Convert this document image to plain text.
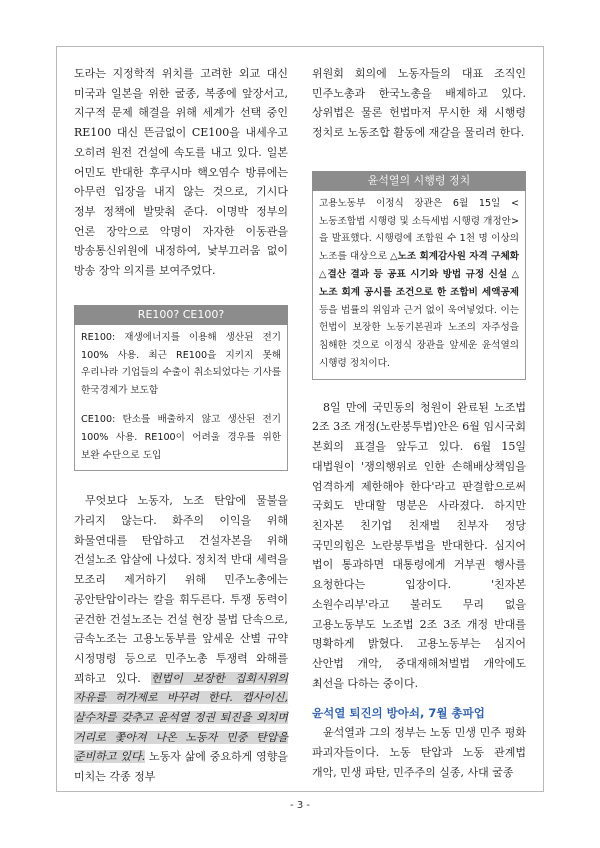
도라는 지정학적 위치를 고려한 외교 대신 미국과 일본을 위한 굴종, 복종에 앞장서고, 지구적 문제 해결을 위해 세계가 선택 중인 RE100 대신 뜬금없이 CE100을 내세우고 오히려 원전 건설에 속도를 내고 있다. 일본 어민도 반대한 후쿠시마 핵오염수 방류에는 아무런 입장을 내지 않는 것으로, 기시다 정부 정책에 발맞춰 준다. 이명박 정부의 언론 장악으로 악명이 자자한 이동관을 방송통신위원에 내정하여, 낯부끄러움 없이 방송 장악 의지를 보여주었다.

RE100? CE100?

RE100: 재생에너지를 이용해 생산된 전기 100% 사용. 최근 RE100을 지키지 못해 우리나라 기업들의 수출이 취소되었다는 기사를 한국경제가 보도함

CE100: 탄소를 배출하지 않고 생산된 전기 100% 사용. RE100이 어려울 경우를 위한 보완 수단으로 도입

무엇보다 노동자, 노조 탄압에 물불을 가리지 않는다. 화주의 이익을 위해 화물연대를 탄압하고 건설자본을 위해 건설노조 압살에 나섰다. 정치적 반대 세력을 모조리 제거하기 위해 민주노총에는 공안탄압이라는 칼을 휘두른다. 투쟁 동력이 굳건한 건설노조는 건설 현장 불법 단속으로, 금속노조는 고용노동부를 앞세운 산별 규약 시정명령 등으로 민주노총 투쟁력 와해를 꾀하고 있다. 헌법이 보장한 집회시위의 자유를 허가제로 바꾸려 한다. 캡사이신, 살수차를 갖추고 윤석열 정권 퇴진을 외치며 거리로 쫓아져 나온 노동자 민중 탄압을 준비하고 있다. 노동자 삶에 중요하게 영향을 미치는 각종 정부

위원회 회의에 노동자들의 대표 조직인 민주노총과 한국노총을 배제하고 있다. 상위법은 물론 헌법마저 무시한 채 시행령 정치로 노동조합 활동에 재갈을 물리려 한다.

윤석열의 시행령 정치

고용노동부 이정식 장관은 6월 15일 <노동조합법 시행령 및 소득세법 시행령 개정안>을 발표했다. 시행령에 조합원 수 1천 명 이상의 노조를 대상으로 △노조 회계감사원 자격 구체화 △결산 결과 등 공표 시기와 방법 규정 신설 △노조 회계 공시를 조건으로 한 조합비 세액공제 등을 법률의 위임과 근거 없이 욱여넣었다. 이는 헌법이 보장한 노동기본권과 노조의 자주성을 침해한 것으로 이정식 장관을 앞세운 윤석열의 시행령 정치이다.

8일 만에 국민동의 청원이 완료된 노조법 2조 3조 개정(노란봉투법)안은 6월 임시국회 본회의 표결을 앞두고 있다. 6월 15일 대법원이 '쟁의행위로 인한 손해배상책임을 엄격하게 제한해야 한다'라고 판결함으로써 국회도 반대할 명분은 사라졌다. 하지만 친자본 친기업 친재벌 친부자 정당 국민의힘은 노란봉투법을 반대한다. 심지어 법이 통과하면 대통령에게 거부권 행사를 요청한다는 입장이다. '친자본 소원수리부'라고 불러도 무리 없을 고용노동부도 노조법 2조 3조 개정 반대를 명확하게 밝혔다. 고용노동부는 심지어 산안법 개악, 중대재해처벌법 개악에도 최선을 다하는 중이다.

윤석열 퇴진의 방아쇠, 7월 총파업

윤석열과 그의 정부는 노동 민생 민주 평화 파괴자들이다. 노동 탄압과 노동 관계법 개악, 민생 파탄, 민주주의 실종, 사대 굴종

- 3 -
